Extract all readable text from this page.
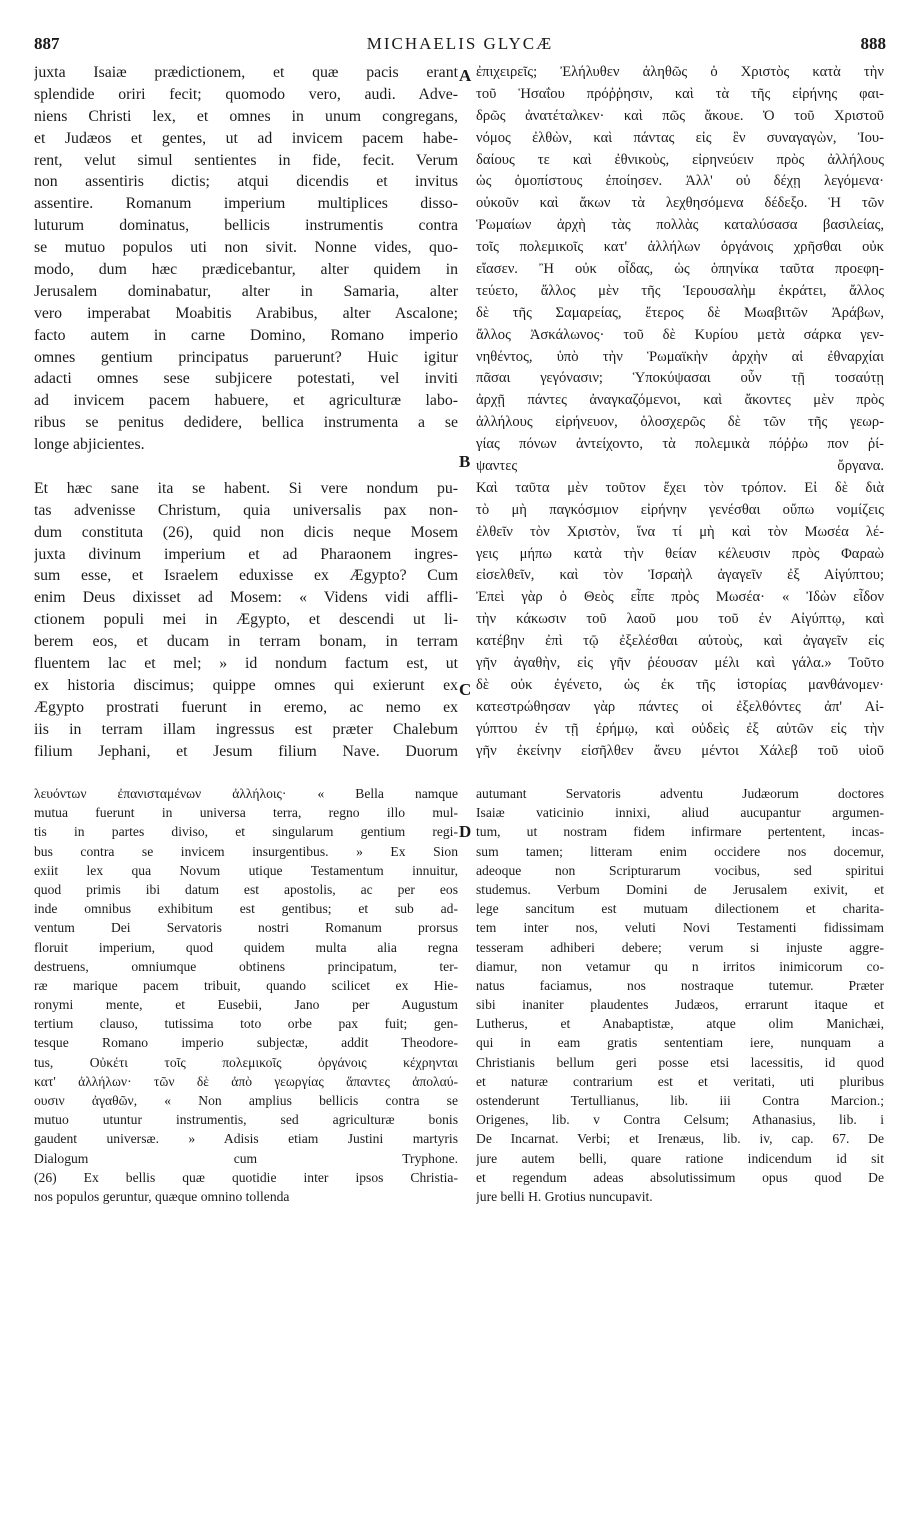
887	MICHAELIS GLYCÆ	888
juxta Isaiæ prædictionem, et quæ pacis erant
splendide oriri fecit; quomodo vero, audi. Adve-
niens Christi lex, et omnes in unum congregans,
et Judæos et gentes, ut ad invicem pacem habe-
rent, velut simul sentientes in fide, fecit. Verum
non assentiris dictis; atqui dicendis et invitus
assentire. Romanum imperium multiplices disso-
luturum dominatus, bellicis instrumentis contra
se mutuo populos uti non sivit. Nonne vides, quo-
modo, dum hæc prædicebantur, alter quidem in
Jerusalem dominabatur, alter in Samaria, alter
vero imperabat Moabitis Arabibus, alter Ascalone;
facto autem in carne Domino, Romano imperio
omnes gentium principatus paruerunt? Huic igitur
adacti omnes sese subjicere potestati, vel inviti
ad invicem pacem habuere, et agriculturæ labo-
ribus se penitus dedidere, bellica instrumenta a se
longe abjicientes.

Et hæc sane ita se habent. Si vere nondum pu-
tas advenisse Christum, quia universalis pax non-
dum constituta (26), quid non dicis neque Mosem
juxta divinum imperium et ad Pharaonem ingres-
sum esse, et Israelem eduxisse ex Ægypto? Cum
enim Deus dixisset ad Mosem: « Videns vidi affli-
ctionem populi mei in Ægypto, et descendi ut li-
berem eos, et ducam in terram bonam, in terram
fluentem lac et mel; » id nondum factum est, ut
ex historia discimus; quippe omnes qui exierunt ex
Ægypto prostrati fuerunt in eremo, ac nemo ex
iis in terram illam ingressus est præter Chalebum
filium Jephani, et Jesum filium Nave. Duorum
ἐπιχειρεῖς; Ἐλήλυθεν ἀληθῶς ὁ Χριστὸς κατὰ τὴν
τοῦ Ἡσαΐου πρόῤῥησιν, καὶ τὰ τῆς εἰρήνης φαι-
δρῶς ἀνατέταλκεν· καὶ πῶς ἄκουε. Ὁ τοῦ Χριστοῦ
νόμος ἐλθὼν, καὶ πάντας εἰς ἓν συναγαγὼν, Ἰου-
δαίους τε καὶ ἐθνικοὺς, εἰρηνεύειν πρὸς ἀλλήλους
ὡς ὁμοπίστους ἐποίησεν. Ἀλλ' οὐ δέχῃ λεγόμενα·
οὐκοῦν καὶ ἄκων τὰ λεχθησόμενα δέδεξο. Ἡ τῶν
Ῥωμαίων ἀρχὴ τὰς πολλὰς καταλύσασα βασιλείας,
τοῖς πολεμικοῖς κατ' ἀλλήλων ὀργάνοις χρῆσθαι οὐκ
εἴασεν. Ἢ οὐκ οἶδας, ὡς ὁπηνίκα ταῦτα προεφη-
τεύετο, ἄλλος μὲν τῆς Ἱερουσαλὴμ ἐκράτει, ἄλλος
δὲ τῆς Σαμαρείας, ἕτερος δὲ Μωαβιτῶν Ἀράβων,
ἄλλος Ἀσκάλωνος· τοῦ δὲ Κυρίου μετὰ σάρκα γεν-
νηθέντος, ὑπὸ τὴν Ῥωμαϊκὴν ἀρχὴν αἱ ἐθναρχίαι
πᾶσαι γεγόνασιν; Ὑποκύψασαι οὖν τῇ τοσαύτῃ
ἀρχῇ πάντες ἀναγκαζόμενοι, καὶ ἄκοντες μὲν πρὸς
ἀλλήλους εἰρήνευον, ὁλοσχερῶς δὲ τῶν τῆς γεωρ-
γίας πόνων ἀντείχοντο, τὰ πολεμικὰ πόῤῥω πον ῥί-
ψαντες ὄργανα.
Καὶ ταῦτα μὲν τοῦτον ἔχει τὸν τρόπον. Εἰ δὲ διὰ
τὸ μὴ παγκόσμιον εἰρήνην γενέσθαι οὔπω νομίζεις
ἐλθεῖν τὸν Χριστὸν, ἵνα τί μὴ καὶ τὸν Μωσέα λέ-
γεις μήπω κατὰ τὴν θείαν κέλευσιν πρὸς Φαραὼ
εἰσελθεῖν, καὶ τὸν Ἰσραὴλ ἀγαγεῖν ἐξ Αἰγύπτου;
Ἐπεὶ γὰρ ὁ Θεὸς εἶπε πρὸς Μωσέα· « Ἰδὼν εἶδον
τὴν κάκωσιν τοῦ λαοῦ μου τοῦ ἐν Αἰγύπτῳ, καὶ
κατέβην ἐπὶ τῷ ἐξελέσθαι αὐτοὺς, καὶ ἀγαγεῖν εἰς
γῆν ἀγαθὴν, εἰς γῆν ῥέουσαν μέλι καὶ γάλα.» Τοῦτο
δὲ οὐκ ἐγένετο, ὡς ἐκ τῆς ἱστορίας μανθάνομεν·
κατεστρώθησαν γὰρ πάντες οἱ ἐξελθόντες ἀπ' Αἰ-
γύπτου ἐν τῇ ἐρήμῳ, καὶ οὐδεὶς ἐξ αὐτῶν εἰς τὴν
γῆν ἐκείνην εἰσῆλθεν ἄνευ μέντοι Χάλεβ τοῦ υἱοῦ
A
B
C
D
λευόντων ἐπανισταμένων ἀλλήλοις· « Bella namque
mutua fuerunt in universa terra, regno illo mul-
tis in partes diviso, et singularum gentium regi-
bus contra se invicem insurgentibus. » Ex Sion
exiit lex qua Novum utique Testamentum innuitur,
quod primis ibi datum est apostolis, ac per eos
inde omnibus exhibitum est gentibus; et sub ad-
ventum Dei Servatoris nostri Romanum prorsus
floruit imperium, quod quidem multa alia regna
destruens, omniumque obtinens principatum, ter-
ræ marique pacem tribuit, quando scilicet ex Hie-
ronymi mente, et Eusebii, Jano per Augustum
tertium clauso, tutissima toto orbe pax fuit; gen-
tesque Romano imperio subjectæ, addit Theodore-
tus, Οὐκέτι τοῖς πολεμικοῖς ὀργάνοις κέχρηνται
κατ' ἀλλήλων· τῶν δὲ ἀπὸ γεωργίας ἅπαντες ἀπολαύ-
ουσιν ἀγαθῶν, « Non amplius bellicis contra se
mutuo utuntur instrumentis, sed agriculturæ bonis
gaudent universæ. » Adisis etiam Justini martyris
Dialogum cum Tryphone.
(26) Ex bellis quæ quotidie inter ipsos Christia-
nos populos geruntur, quæque omnino tollenda
autumant Servatoris adventu Judæorum doctores
Isaiæ vaticinio innixi, aliud aucupantur argumen-
tum, ut nostram fidem infirmare pertentent, incas-
sum tamen; litteram enim occidere nos docemur,
adeoque non Scripturarum vocibus, sed spiritui
studemus. Verbum Domini de Jerusalem exivit, et
lege sancitum est mutuam dilectionem et charita-
tem inter nos, veluti Novi Testamenti fidissimam
tesseram adhiberi debere; verum si injuste aggre-
diamur, non vetamur qu n irritos inimicorum co-
natus faciamus, nos nostraque tutemur. Præter
sibi inaniter plaudentes Judæos, errarunt itaque et
Lutherus, et Anabaptistæ, atque olim Manichæi,
qui in eam gratis sententiam iere, nunquam a
Christianis bellum geri posse etsi lacessitis, id quod
et naturæ contrarium est et veritati, uti pluribus
ostenderunt Tertullianus, lib. iii Contra Marcion.;
Origenes, lib. v Contra Celsum; Athanasius, lib. i
De Incarnat. Verbi; et Irenæus, lib. iv, cap. 67. De
jure autem belli, quare ratione indicendum id sit
et regendum adeas absolutissimum opus quod De
jure belli H. Grotius nuncupavit.
